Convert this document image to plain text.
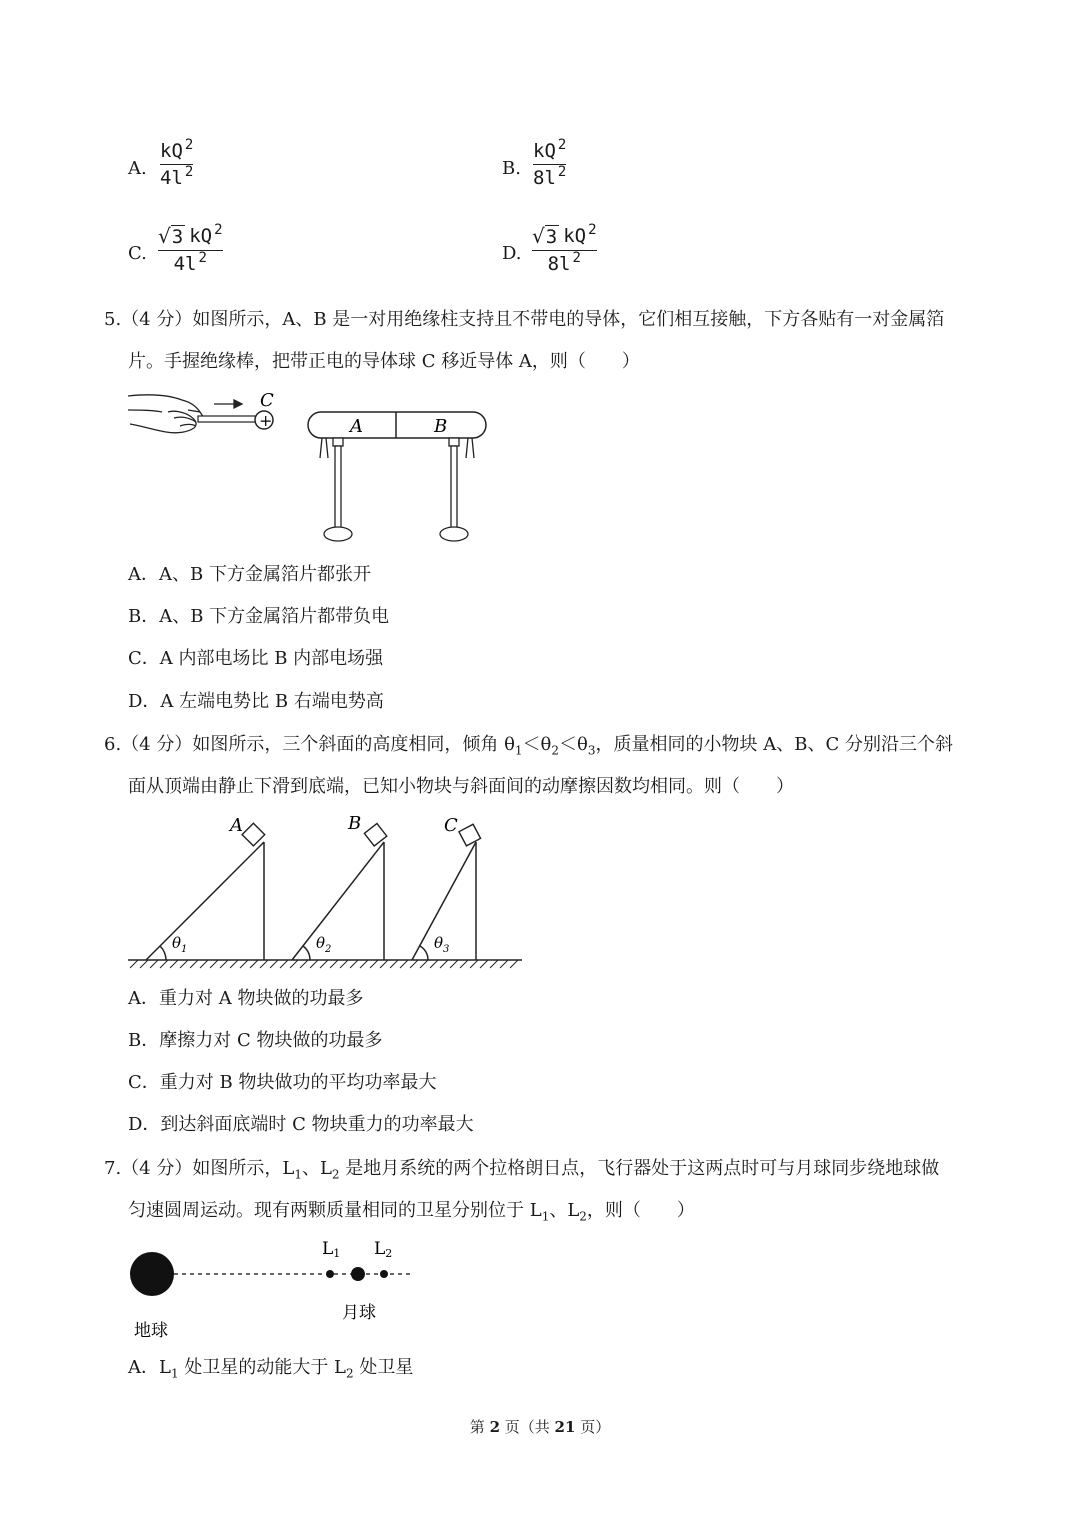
A.
$kQ^2$
$4l^2$	B.
$kQ^2$
$8l^2$
C.
√ 3 $kQ^2$
$4l^2$	D.
√ 3 $kQ^2$
$8l^2$
5.（4 分）如图所示，A、B 是一对用绝缘柱支持且不带电的导体，它们相互接触，下方各贴有一对金属箔
片。手握绝缘棒，把带正电的导体球 C 移近导体 A，则（　　）
+
C
A	B
A．A、B 下方金属箔片都张开
B．A、B 下方金属箔片都带负电
C．A 内部电场比 B 内部电场强
D．A 左端电势比 B 右端电势高
6.（4 分）如图所示，三个斜面的高度相同，倾角 $\theta_1<\theta_2<\theta_3$，质量相同的小物块 A、B、C 分别沿三个斜
面从顶端由静止下滑到底端，已知小物块与斜面间的动摩擦因数均相同。则（　　）
A
$\theta_1$
B
$\theta_2$
C
$\theta_3$
A．重力对 A 物块做的功最多
B．摩擦力对 C 物块做的功最多
C．重力对 B 物块做功的平均功率最大
D．到达斜面底端时 C 物块重力的功率最大
7.（4 分）如图所示，$L_1$、$L_2$ 是地月系统的两个拉格朗日点，飞行器处于这两点时可与月球同步绕地球做
匀速圆周运动。现有两颗质量相同的卫星分别位于 $L_1$、$L_2$，则（　　）
L1 L2
月球
地球
A．$L_1$ 处卫星的动能大于 $L_2$ 处卫星
第 2 页（共 21 页）
